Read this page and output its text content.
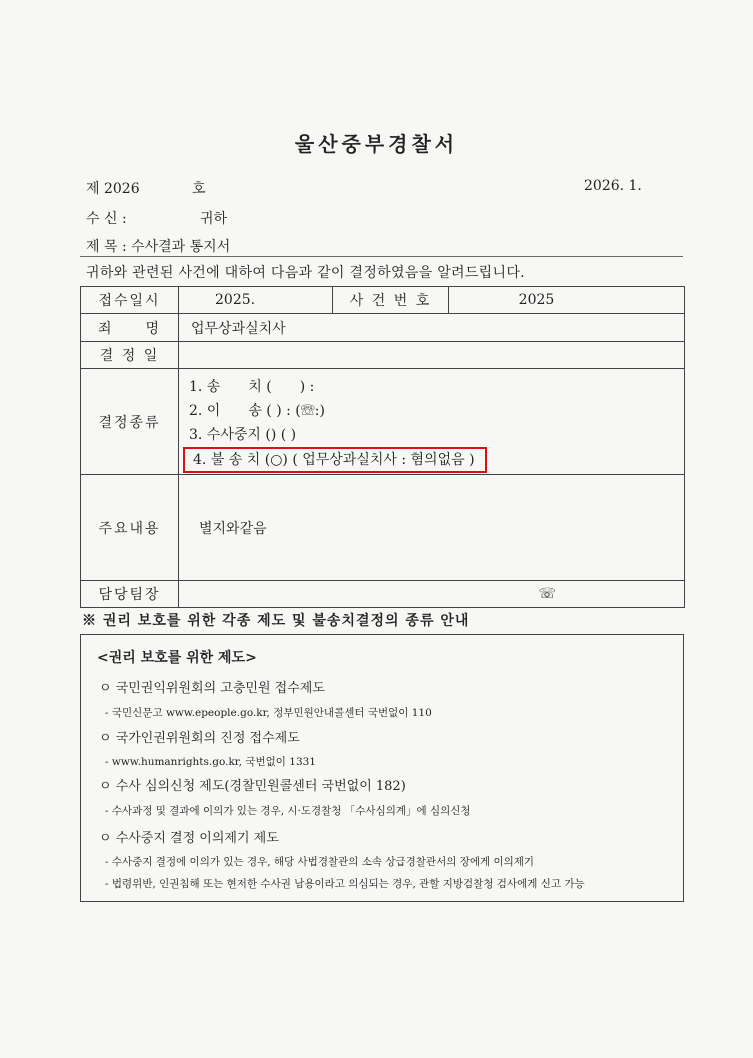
울산중부경찰서
제 2026	호	2026. 1.
수 신 :	귀하
제 목 : 수사결과 통지서
귀하와 관련된 사건에 대하여 다음과 같이 결정하였음을 알려드립니다.
접수일시	2025.	사 건 번 호	2025
죄　　명	업무상과실치사		
결 정 일			
결정종류	1. 송　　치 (　　) :
2. 이　　송 ( ) : (☏:)
3. 수사중지 () ( )
4. 불 송 치 (○) ( 업무상과실치사 : 혐의없음 )		

주요내용	별지와같음		
담당팀장	☏		
※ 권리 보호를 위한 각종 제도 및 불송치결정의 종류 안내
<권리 보호를 위한 제도>
ㅇ 국민권익위원회의 고충민원 접수제도
- 국민신문고 www.epeople.go.kr, 정부민원안내콜센터 국번없이 110
ㅇ 국가인권위원회의 진정 접수제도
- www.humanrights.go.kr, 국번없이 1331
ㅇ 수사 심의신청 제도(경찰민원콜센터 국번없이 182)
- 수사과정 및 결과에 이의가 있는 경우, 시·도경찰청 「수사심의계」에 심의신청
ㅇ 수사중지 결정 이의제기 제도
- 수사중지 결정에 이의가 있는 경우, 해당 사법경찰관의 소속 상급경찰관서의 장에게 이의제기
- 법령위반, 인권침해 또는 현저한 수사권 남용이라고 의심되는 경우, 관할 지방검찰청 검사에게 신고 가능
